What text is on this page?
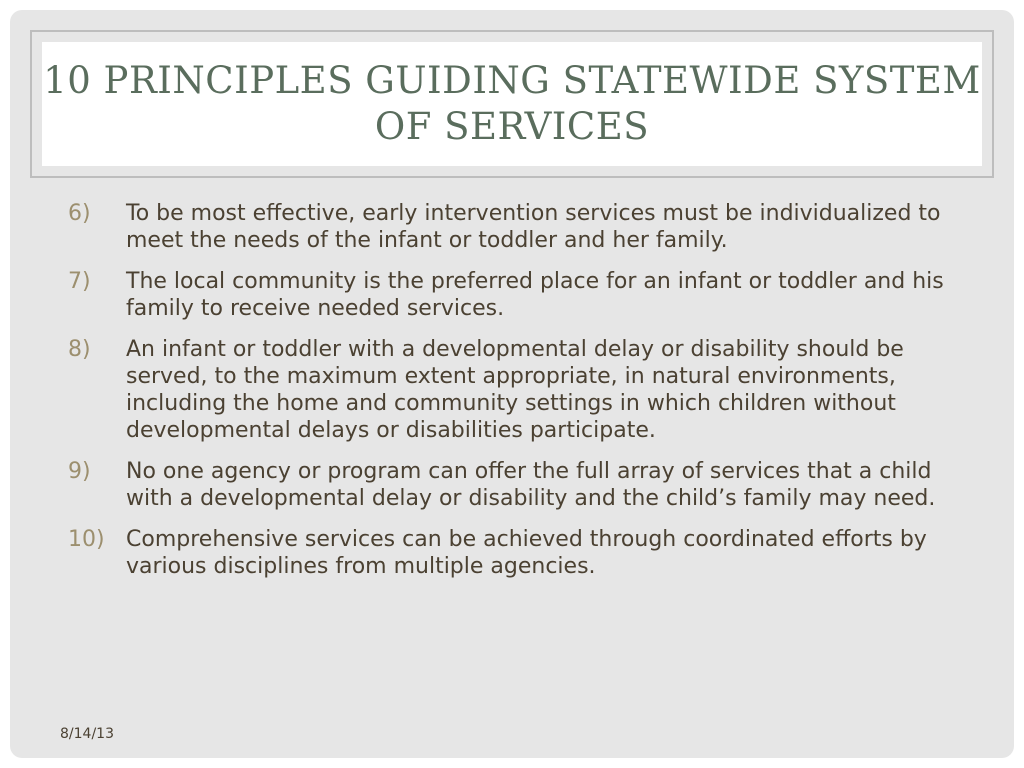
10 PRINCIPLES GUIDING STATEWIDE SYSTEM OF SERVICES
6)	To be most effective, early intervention services must be individualized to meet the needs of the infant or toddler and her family.
7)	The local community is the preferred place for an infant or toddler and his family to receive needed services.
8)	An infant or toddler with a developmental delay or disability should be served, to the maximum extent appropriate, in natural environments, including the home and community settings in which children without developmental delays or disabilities participate.
9)	No one agency or program can offer the full array of services that a child with a developmental delay or disability and the child’s family may need.
10) Comprehensive services can be achieved through coordinated efforts by various disciplines from multiple agencies.
8/14/13
